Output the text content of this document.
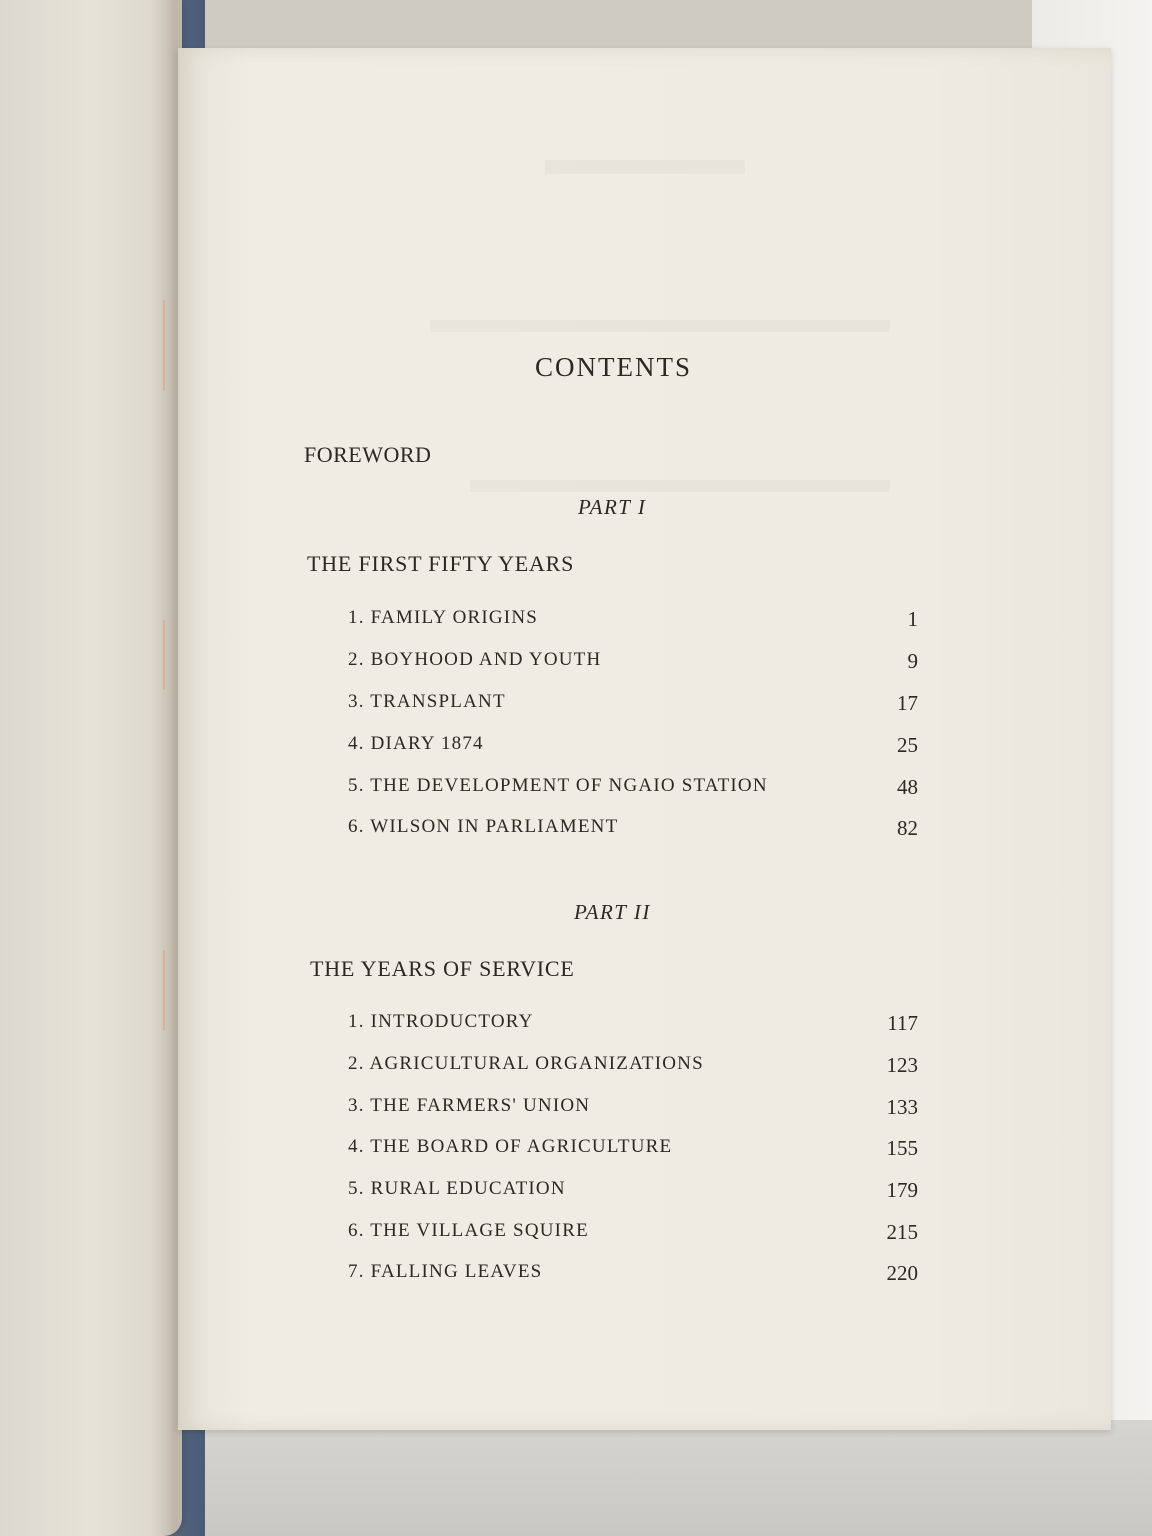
CONTENTS
FOREWORD
PART I
THE FIRST FIFTY YEARS
1. FAMILY ORIGINS	1
2. BOYHOOD AND YOUTH	9
3. TRANSPLANT	17
4. DIARY 1874	25
5. THE DEVELOPMENT OF NGAIO STATION	48
6. WILSON IN PARLIAMENT	82
PART II
THE YEARS OF SERVICE
1. INTRODUCTORY	117
2. AGRICULTURAL ORGANIZATIONS	123
3. THE FARMERS' UNION	133
4. THE BOARD OF AGRICULTURE	155
5. RURAL EDUCATION	179
6. THE VILLAGE SQUIRE	215
7. FALLING LEAVES	220
